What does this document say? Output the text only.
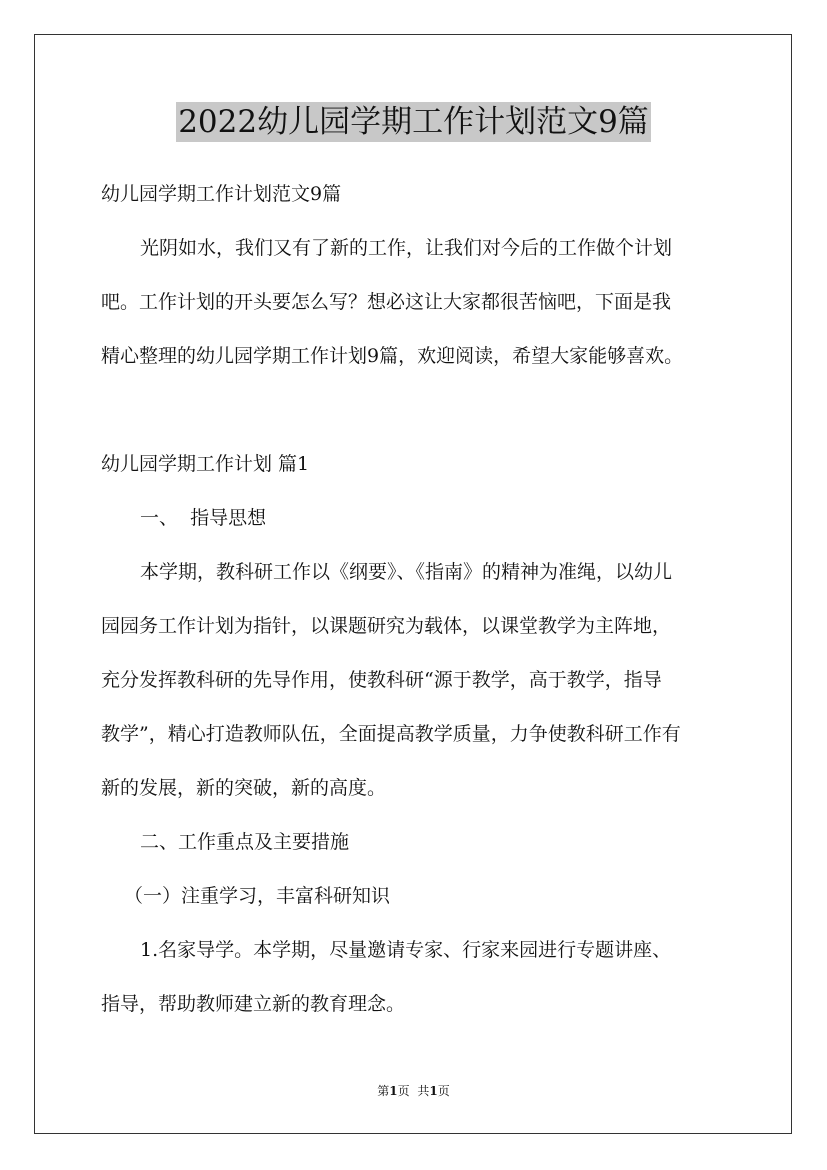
2022幼儿园学期工作计划范文9篇
幼儿园学期工作计划范文9篇
光阴如水，我们又有了新的工作，让我们对今后的工作做个计划
吧。工作计划的开头要怎么写？想必这让大家都很苦恼吧，下面是我
精心整理的幼儿园学期工作计划9篇，欢迎阅读，希望大家能够喜欢。
幼儿园学期工作计划 篇1
一、  指导思想
本学期，教科研工作以《纲要》、《指南》的精神为准绳，以幼儿
园园务工作计划为指针，以课题研究为载体，以课堂教学为主阵地，
充分发挥教科研的先导作用，使教科研“源于教学，高于教学，指导
教学”，精心打造教师队伍，全面提高教学质量，力争使教科研工作有
新的发展，新的突破，新的高度。
二、工作重点及主要措施
（一）注重学习，丰富科研知识
1.名家导学。本学期，尽量邀请专家、行家来园进行专题讲座、
指导，帮助教师建立新的教育理念。
第1页 共1页
